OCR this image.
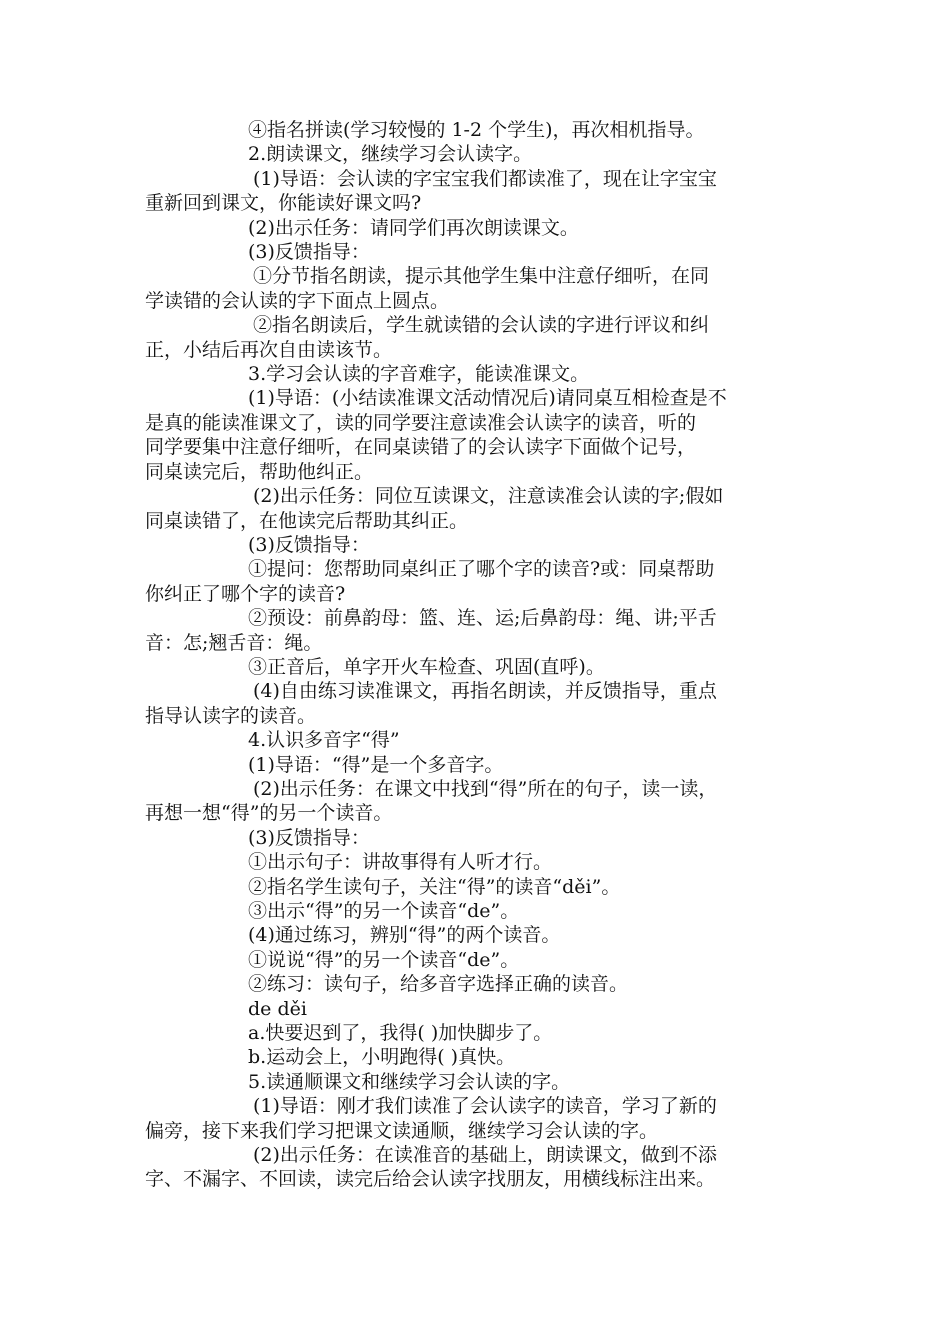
④指名拼读(学习较慢的 1-2 个学生)，再次相机指导。

2.朗读课文，继续学习会认读字。

(1)导语：会认读的字宝宝我们都读准了，现在让字宝宝

重新回到课文，你能读好课文吗?

(2)出示任务：请同学们再次朗读课文。

(3)反馈指导：

①分节指名朗读，提示其他学生集中注意仔细听，在同

学读错的会认读的字下面点上圆点。

②指名朗读后，学生就读错的会认读的字进行评议和纠

正，小结后再次自由读该节。

3.学习会认读的字音难字，能读准课文。

(1)导语：(小结读准课文活动情况后)请同桌互相检查是不

是真的能读准课文了，读的同学要注意读准会认读字的读音，听的

同学要集中注意仔细听，在同桌读错了的会认读字下面做个记号，

同桌读完后，帮助他纠正。

(2)出示任务：同位互读课文，注意读准会认读的字;假如

同桌读错了，在他读完后帮助其纠正。

(3)反馈指导：

①提问：您帮助同桌纠正了哪个字的读音?或：同桌帮助

你纠正了哪个字的读音?

②预设：前鼻韵母：篮、连、运;后鼻韵母：绳、讲;平舌

音：怎;翘舌音：绳。

③正音后，单字开火车检查、巩固(直呼)。

(4)自由练习读准课文，再指名朗读，并反馈指导，重点

指导认读字的读音。

4.认识多音字“得”

(1)导语：“得”是一个多音字。

(2)出示任务：在课文中找到“得”所在的句子，读一读，

再想一想“得”的另一个读音。

(3)反馈指导：

①出示句子：讲故事得有人听才行。

②指名学生读句子，关注“得”的读音“děi”。

③出示“得”的另一个读音“de”。

(4)通过练习，辨别“得”的两个读音。

①说说“得”的另一个读音“de”。

②练习：读句子，给多音字选择正确的读音。

de děi

a.快要迟到了，我得( )加快脚步了。

b.运动会上，小明跑得( )真快。

5.读通顺课文和继续学习会认读的字。

(1)导语：刚才我们读准了会认读字的读音，学习了新的

偏旁，接下来我们学习把课文读通顺，继续学习会认读的字。

(2)出示任务：在读准音的基础上，朗读课文，做到不添

字、不漏字、不回读，读完后给会认读字找朋友，用横线标注出来。
